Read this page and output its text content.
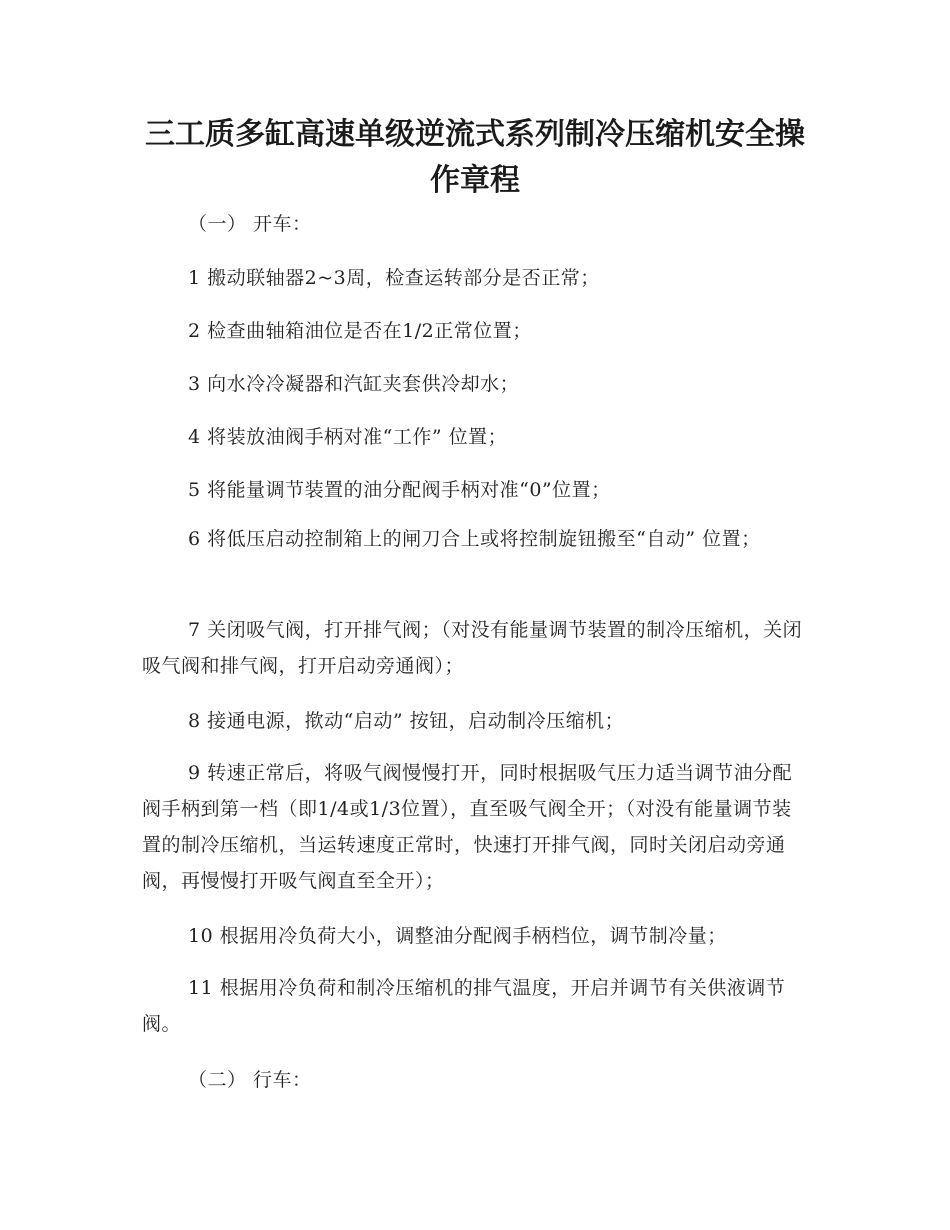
三工质多缸高速单级逆流式系列制冷压缩机安全操作章程

（一） 开车：

1 搬动联轴器2~3周，检查运转部分是否正常；

2 检查曲轴箱油位是否在1/2正常位置；

3 向水冷冷凝器和汽缸夹套供冷却水；

4 将装放油阀手柄对准“工作” 位置；

5 将能量调节装置的油分配阀手柄对准“0”位置；

6 将低压启动控制箱上的闸刀合上或将控制旋钮搬至“自动” 位置；

7 关闭吸气阀，打开排气阀；（对没有能量调节装置的制冷压缩机，关闭吸气阀和排气阀，打开启动旁通阀）；

8 接通电源，揿动“启动” 按钮，启动制冷压缩机；

9 转速正常后，将吸气阀慢慢打开，同时根据吸气压力适当调节油分配阀手柄到第一档（即1/4或1/3位置），直至吸气阀全开；（对没有能量调节装置的制冷压缩机，当运转速度正常时，快速打开排气阀，同时关闭启动旁通阀，再慢慢打开吸气阀直至全开）；

10 根据用冷负荷大小，调整油分配阀手柄档位，调节制冷量；

11 根据用冷负荷和制冷压缩机的排气温度，开启并调节有关供液调节阀。

（二） 行车：
